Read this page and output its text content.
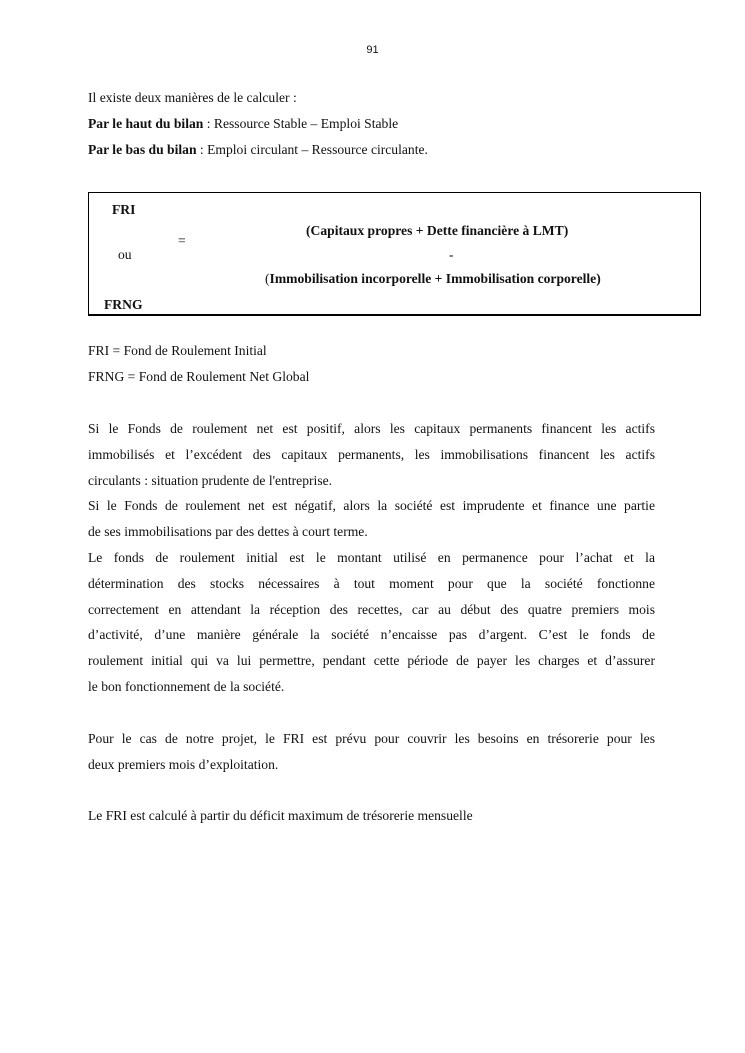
91
Il existe deux manières de le calculer :
Par le haut du bilan : Ressource Stable – Emploi Stable
Par le bas du bilan : Emploi circulant – Ressource circulante.
FRI
=
ou
FRNG
(Capitaux propres + Dette financière à LMT)
-
(Immobilisation incorporelle + Immobilisation corporelle)
FRI = Fond de Roulement Initial
FRNG = Fond de Roulement Net Global
Si le Fonds de roulement net est positif, alors les capitaux permanents financent les actifs
immobilisés et l’excédent des capitaux permanents, les immobilisations financent les actifs
circulants : situation prudente de l'entreprise.
Si le Fonds de roulement net est négatif, alors la société est imprudente et finance une partie
de ses immobilisations par des dettes à court terme.
Le fonds de roulement initial est le montant utilisé en permanence pour l’achat et la
détermination des stocks nécessaires à tout moment pour que la société fonctionne
correctement en attendant la réception des recettes, car au début des quatre premiers mois
d’activité, d’une manière générale la société n’encaisse pas d’argent. C’est le fonds de
roulement initial qui va lui permettre, pendant cette période de payer les charges et d’assurer
le bon fonctionnement de la société.
Pour le cas de notre projet, le FRI est prévu pour couvrir les besoins en trésorerie pour les
deux premiers mois d’exploitation.
Le FRI est calculé à partir du déficit maximum de trésorerie mensuelle
